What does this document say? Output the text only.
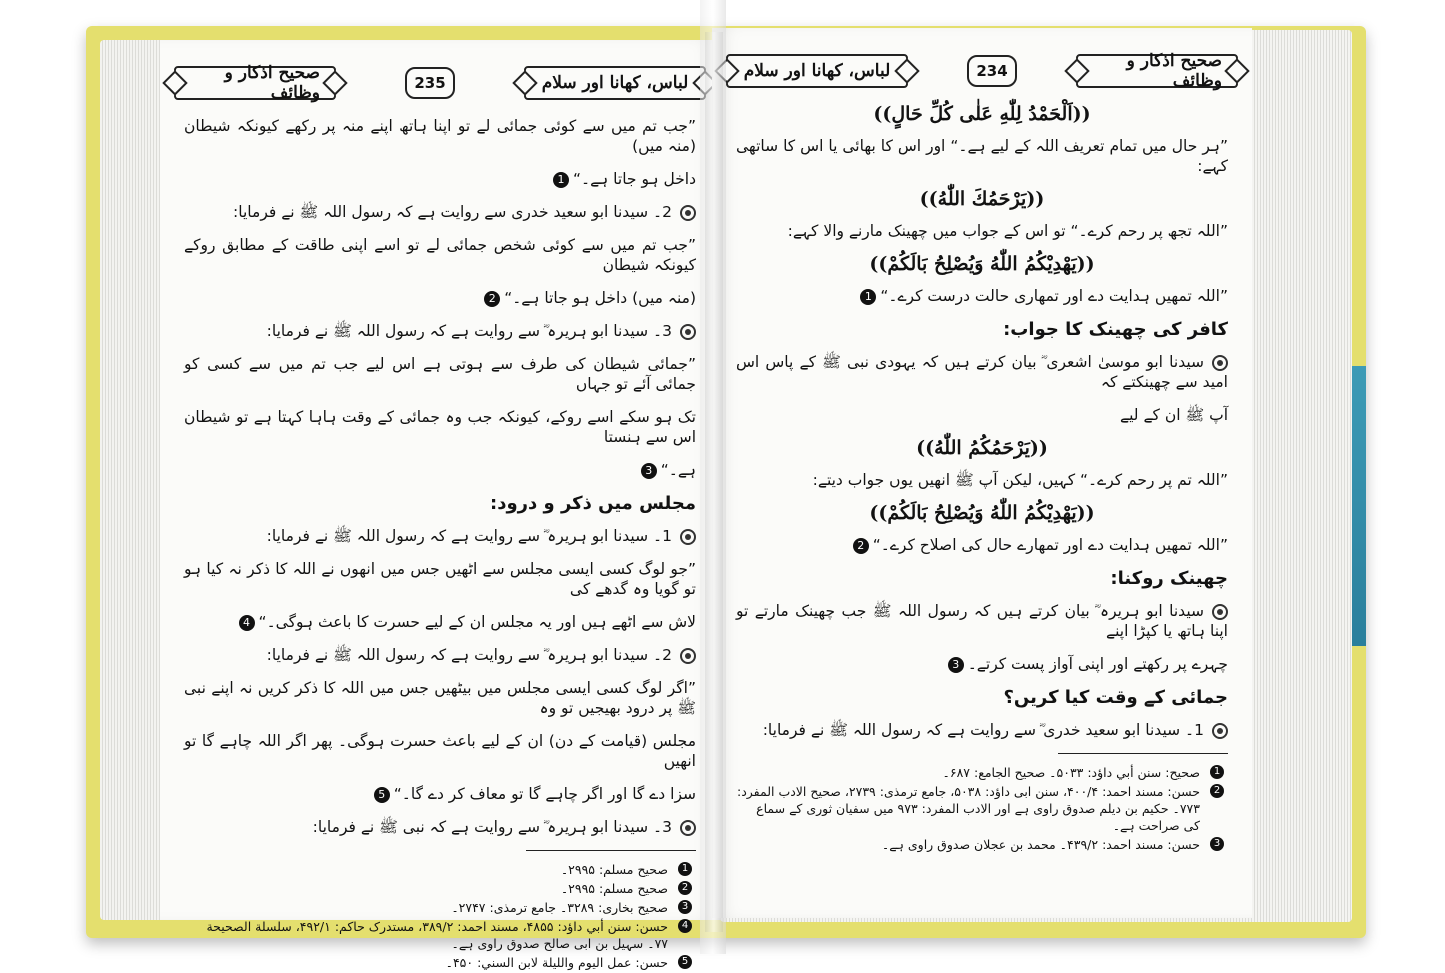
لباس، کھانا اور سلام
235
صحیح اذکار و وظائف

”جب تم میں سے کوئی جمائی لے تو اپنا ہاتھ اپنے منہ پر رکھے کیونکہ شیطان (منہ میں)

داخل ہو جاتا ہے۔“1

2۔ سیدنا ابو سعید خدری سے روایت ہے کہ رسول اللہ ﷺ نے فرمایا:

”جب تم میں سے کوئی شخص جمائی لے تو اسے اپنی طاقت کے مطابق روکے کیونکہ شیطان

(منہ میں) داخل ہو جاتا ہے۔“2

3۔ سیدنا ابو ہریرہ ؓ سے روایت ہے کہ رسول اللہ ﷺ نے فرمایا:

”جمائی شیطان کی طرف سے ہوتی ہے اس لیے جب تم میں سے کسی کو جمائی آئے تو جہاں

تک ہو سکے اسے روکے، کیونکہ جب وہ جمائی کے وقت ہاہا کہتا ہے تو شیطان اس سے ہنستا

ہے۔“3

مجلس میں ذکر و درود:

1۔ سیدنا ابو ہریرہ ؓ سے روایت ہے کہ رسول اللہ ﷺ نے فرمایا:

”جو لوگ کسی ایسی مجلس سے اٹھیں جس میں انھوں نے اللہ کا ذکر نہ کیا ہو تو گویا وہ گدھے کی

لاش سے اٹھے ہیں اور یہ مجلس ان کے لیے حسرت کا باعث ہوگی۔“4

2۔ سیدنا ابو ہریرہ ؓ سے روایت ہے کہ رسول اللہ ﷺ نے فرمایا:

”اگر لوگ کسی ایسی مجلس میں بیٹھیں جس میں اللہ کا ذکر کریں نہ اپنے نبی ﷺ پر درود بھیجیں تو وہ

مجلس (قیامت کے دن) ان کے لیے باعث حسرت ہوگی۔ پھر اگر اللہ چاہے گا تو انھیں

سزا دے گا اور اگر چاہے گا تو معاف کر دے گا۔“5

3۔ سیدنا ابو ہریرہ ؓ سے روایت ہے کہ نبی ﷺ نے فرمایا:

1
صحیح مسلم: ۲۹۹۵۔
2
صحیح مسلم: ۲۹۹۵۔
3
صحیح بخاری: ۳۲۸۹۔ جامع ترمذی: ۲۷۴۷۔
4
حسن: سنن أبي داؤد: ۴۸۵۵، مسند احمد: ۳۸۹/۲، مستدرک حاکم: ۴۹۲/۱، سلسلة الصحيحة ۷۷۔ سہیل بن ابی صالح صدوق راوی ہے۔
5
حسن: عمل اليوم والليلة لابن السني: ۴۵۰۔
صحیح اذکار و وظائف
234
لباس، کھانا اور سلام

((اَلْحَمْدُ لِلّٰهِ عَلٰى كُلِّ حَالٍ))

”ہر حال میں تمام تعریف اللہ کے لیے ہے۔“ اور اس کا بھائی یا اس کا ساتھی کہے:

((يَرْحَمُكَ اللّٰهُ))

”اللہ تجھ پر رحم کرے۔“ تو اس کے جواب میں چھینک مارنے والا کہے:

((يَهْدِيْكُمُ اللّٰهُ وَيُصْلِحُ بَالَكُمْ))

”اللہ تمھیں ہدایت دے اور تمھاری حالت درست کرے۔“1

کافر کی چھینک کا جواب:

سیدنا ابو موسیٰ اشعری ؓ بیان کرتے ہیں کہ یہودی نبی ﷺ کے پاس اس امید سے چھینکتے کہ

آپ ﷺ ان کے لیے

((يَرْحَمُكُمُ اللّٰهُ))

”اللہ تم پر رحم کرے۔“ کہیں، لیکن آپ ﷺ انھیں یوں جواب دیتے:

((يَهْدِيْكُمُ اللّٰهُ وَيُصْلِحُ بَالَكُمْ))

”اللہ تمھیں ہدایت دے اور تمھارے حال کی اصلاح کرے۔“2

چھینک روکنا:

سیدنا ابو ہریرہ ؓ بیان کرتے ہیں کہ رسول اللہ ﷺ جب چھینک مارتے تو اپنا ہاتھ یا کپڑا اپنے

چہرے پر رکھتے اور اپنی آواز پست کرتے۔3

جمائی کے وقت کیا کریں؟

1۔ سیدنا ابو سعید خدری ؓ سے روایت ہے کہ رسول اللہ ﷺ نے فرمایا:

1
صحیح: سنن أبي داؤد: ۵۰۳۳۔ صحیح الجامع: ۶۸۷۔
2
حسن: مسند احمد: ۴۰۰/۴، سنن ابی داؤد: ۵۰۳۸، جامع ترمذی: ۲۷۳۹، صحیح الادب المفرد: ۷۷۳۔ حکیم بن دیلم صدوق راوی ہے اور الادب المفرد: ۹۷۳ میں سفیان ثوری کے سماع کی صراحت ہے۔
3
حسن: مسند احمد: ۴۳۹/۲۔ محمد بن عجلان صدوق راوی ہے۔
